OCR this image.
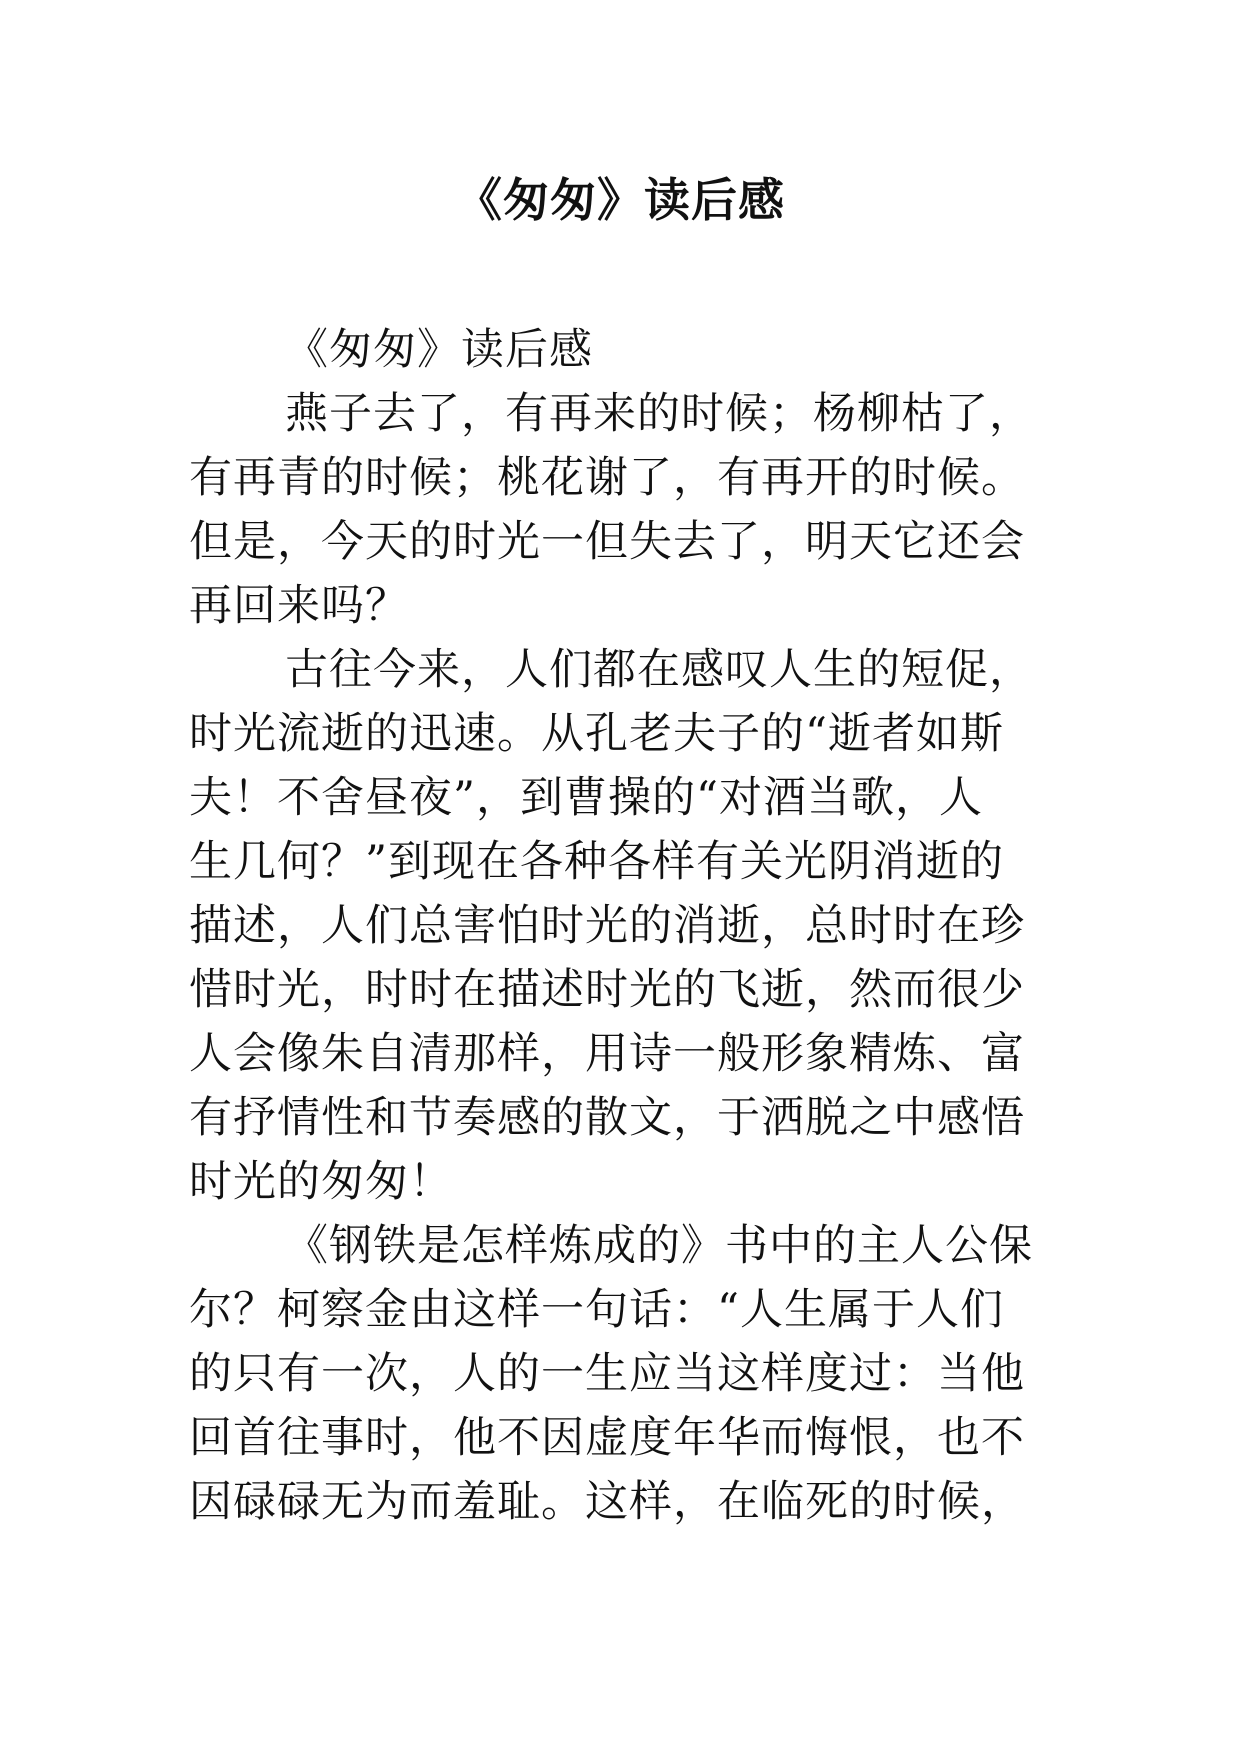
《匆匆》读后感
《匆匆》读后感
燕子去了，有再来的时候；杨柳枯了，
有再青的时候；桃花谢了，有再开的时候。
但是，今天的时光一但失去了，明天它还会
再回来吗？
古往今来，人们都在感叹人生的短促，
时光流逝的迅速。从孔老夫子的“逝者如斯
夫！不舍昼夜”，到曹操的“对酒当歌，人
生几何？”到现在各种各样有关光阴消逝的
描述，人们总害怕时光的消逝，总时时在珍
惜时光，时时在描述时光的飞逝，然而很少
人会像朱自清那样，用诗一般形象精炼、富
有抒情性和节奏感的散文，于洒脱之中感悟
时光的匆匆！
《钢铁是怎样炼成的》书中的主人公保
尔？柯察金由这样一句话：“人生属于人们
的只有一次，人的一生应当这样度过：当他
回首往事时，他不因虚度年华而悔恨，也不
因碌碌无为而羞耻。这样，在临死的时候，
